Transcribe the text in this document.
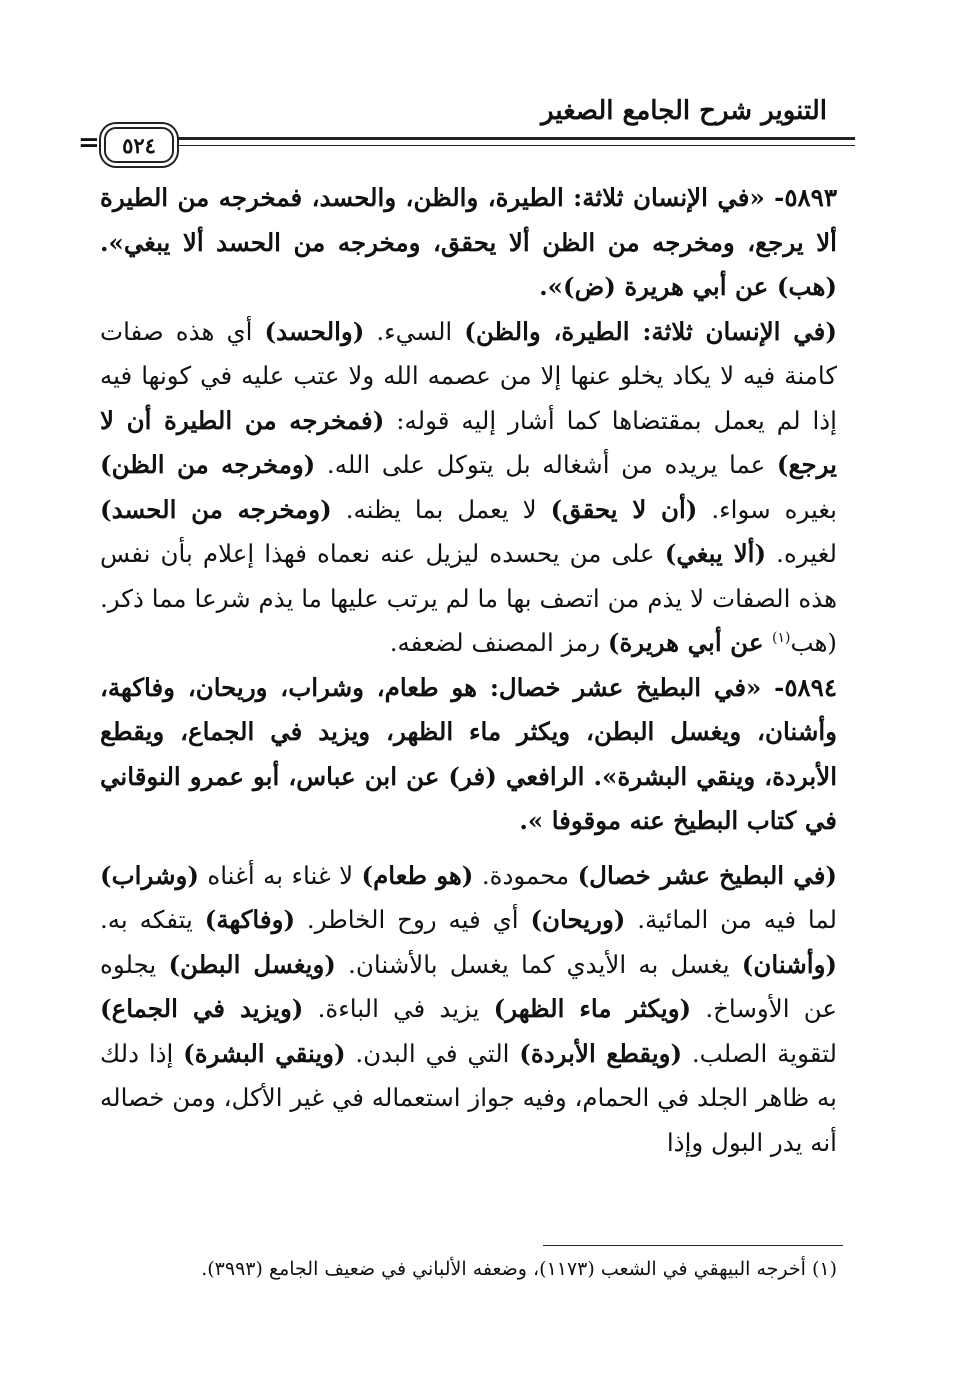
التنوير شرح الجامع الصغير
٥٢٤
=

٥٨٩٣- «في الإنسان ثلاثة: الطيرة، والظن، والحسد، فمخرجه من الطيرة ألا يرجع، ومخرجه من الظن ألا يحقق، ومخرجه من الحسد ألا يبغي». (هب) عن أبي هريرة (ض)».

(في الإنسان ثلاثة: الطيرة، والظن) السيء. (والحسد) أي هذه صفات كامنة فيه لا يكاد يخلو عنها إلا من عصمه الله ولا عتب عليه في كونها فيه إذا لم يعمل بمقتضاها كما أشار إليه قوله: (فمخرجه من الطيرة أن لا يرجع) عما يريده من أشغاله بل يتوكل على الله. (ومخرجه من الظن) بغيره سواء. (أن لا يحقق) لا يعمل بما يظنه. (ومخرجه من الحسد) لغيره. (ألا يبغي) على من يحسده ليزيل عنه نعماه فهذا إعلام بأن نفس هذه الصفات لا يذم من اتصف بها ما لم يرتب عليها ما يذم شرعا مما ذكر. (هب$^{(١)}$ عن أبي هريرة) رمز المصنف لضعفه.

٥٨٩٤- «في البطيخ عشر خصال: هو طعام، وشراب، وريحان، وفاكهة، وأشنان، ويغسل البطن، ويكثر ماء الظهر، ويزيد في الجماع، ويقطع الأبردة، وينقي البشرة». الرافعي (فر) عن ابن عباس، أبو عمرو النوقاني في كتاب البطيخ عنه موقوفا ».

(في البطيخ عشر خصال) محمودة. (هو طعام) لا غناء به أغناه (وشراب) لما فيه من المائية. (وريحان) أي فيه روح الخاطر. (وفاكهة) يتفكه به. (وأشنان) يغسل به الأيدي كما يغسل بالأشنان. (ويغسل البطن) يجلوه عن الأوساخ. (ويكثر ماء الظهر) يزيد في الباءة. (ويزيد في الجماع) لتقوية الصلب. (ويقطع الأبردة) التي في البدن. (وينقي البشرة) إذا دلك به ظاهر الجلد في الحمام، وفيه جواز استعماله في غير الأكل، ومن خصاله أنه يدر البول وإذا

(١) أخرجه البيهقي في الشعب (١١٧٣)، وضعفه الألباني في ضعيف الجامع (٣٩٩٣).
